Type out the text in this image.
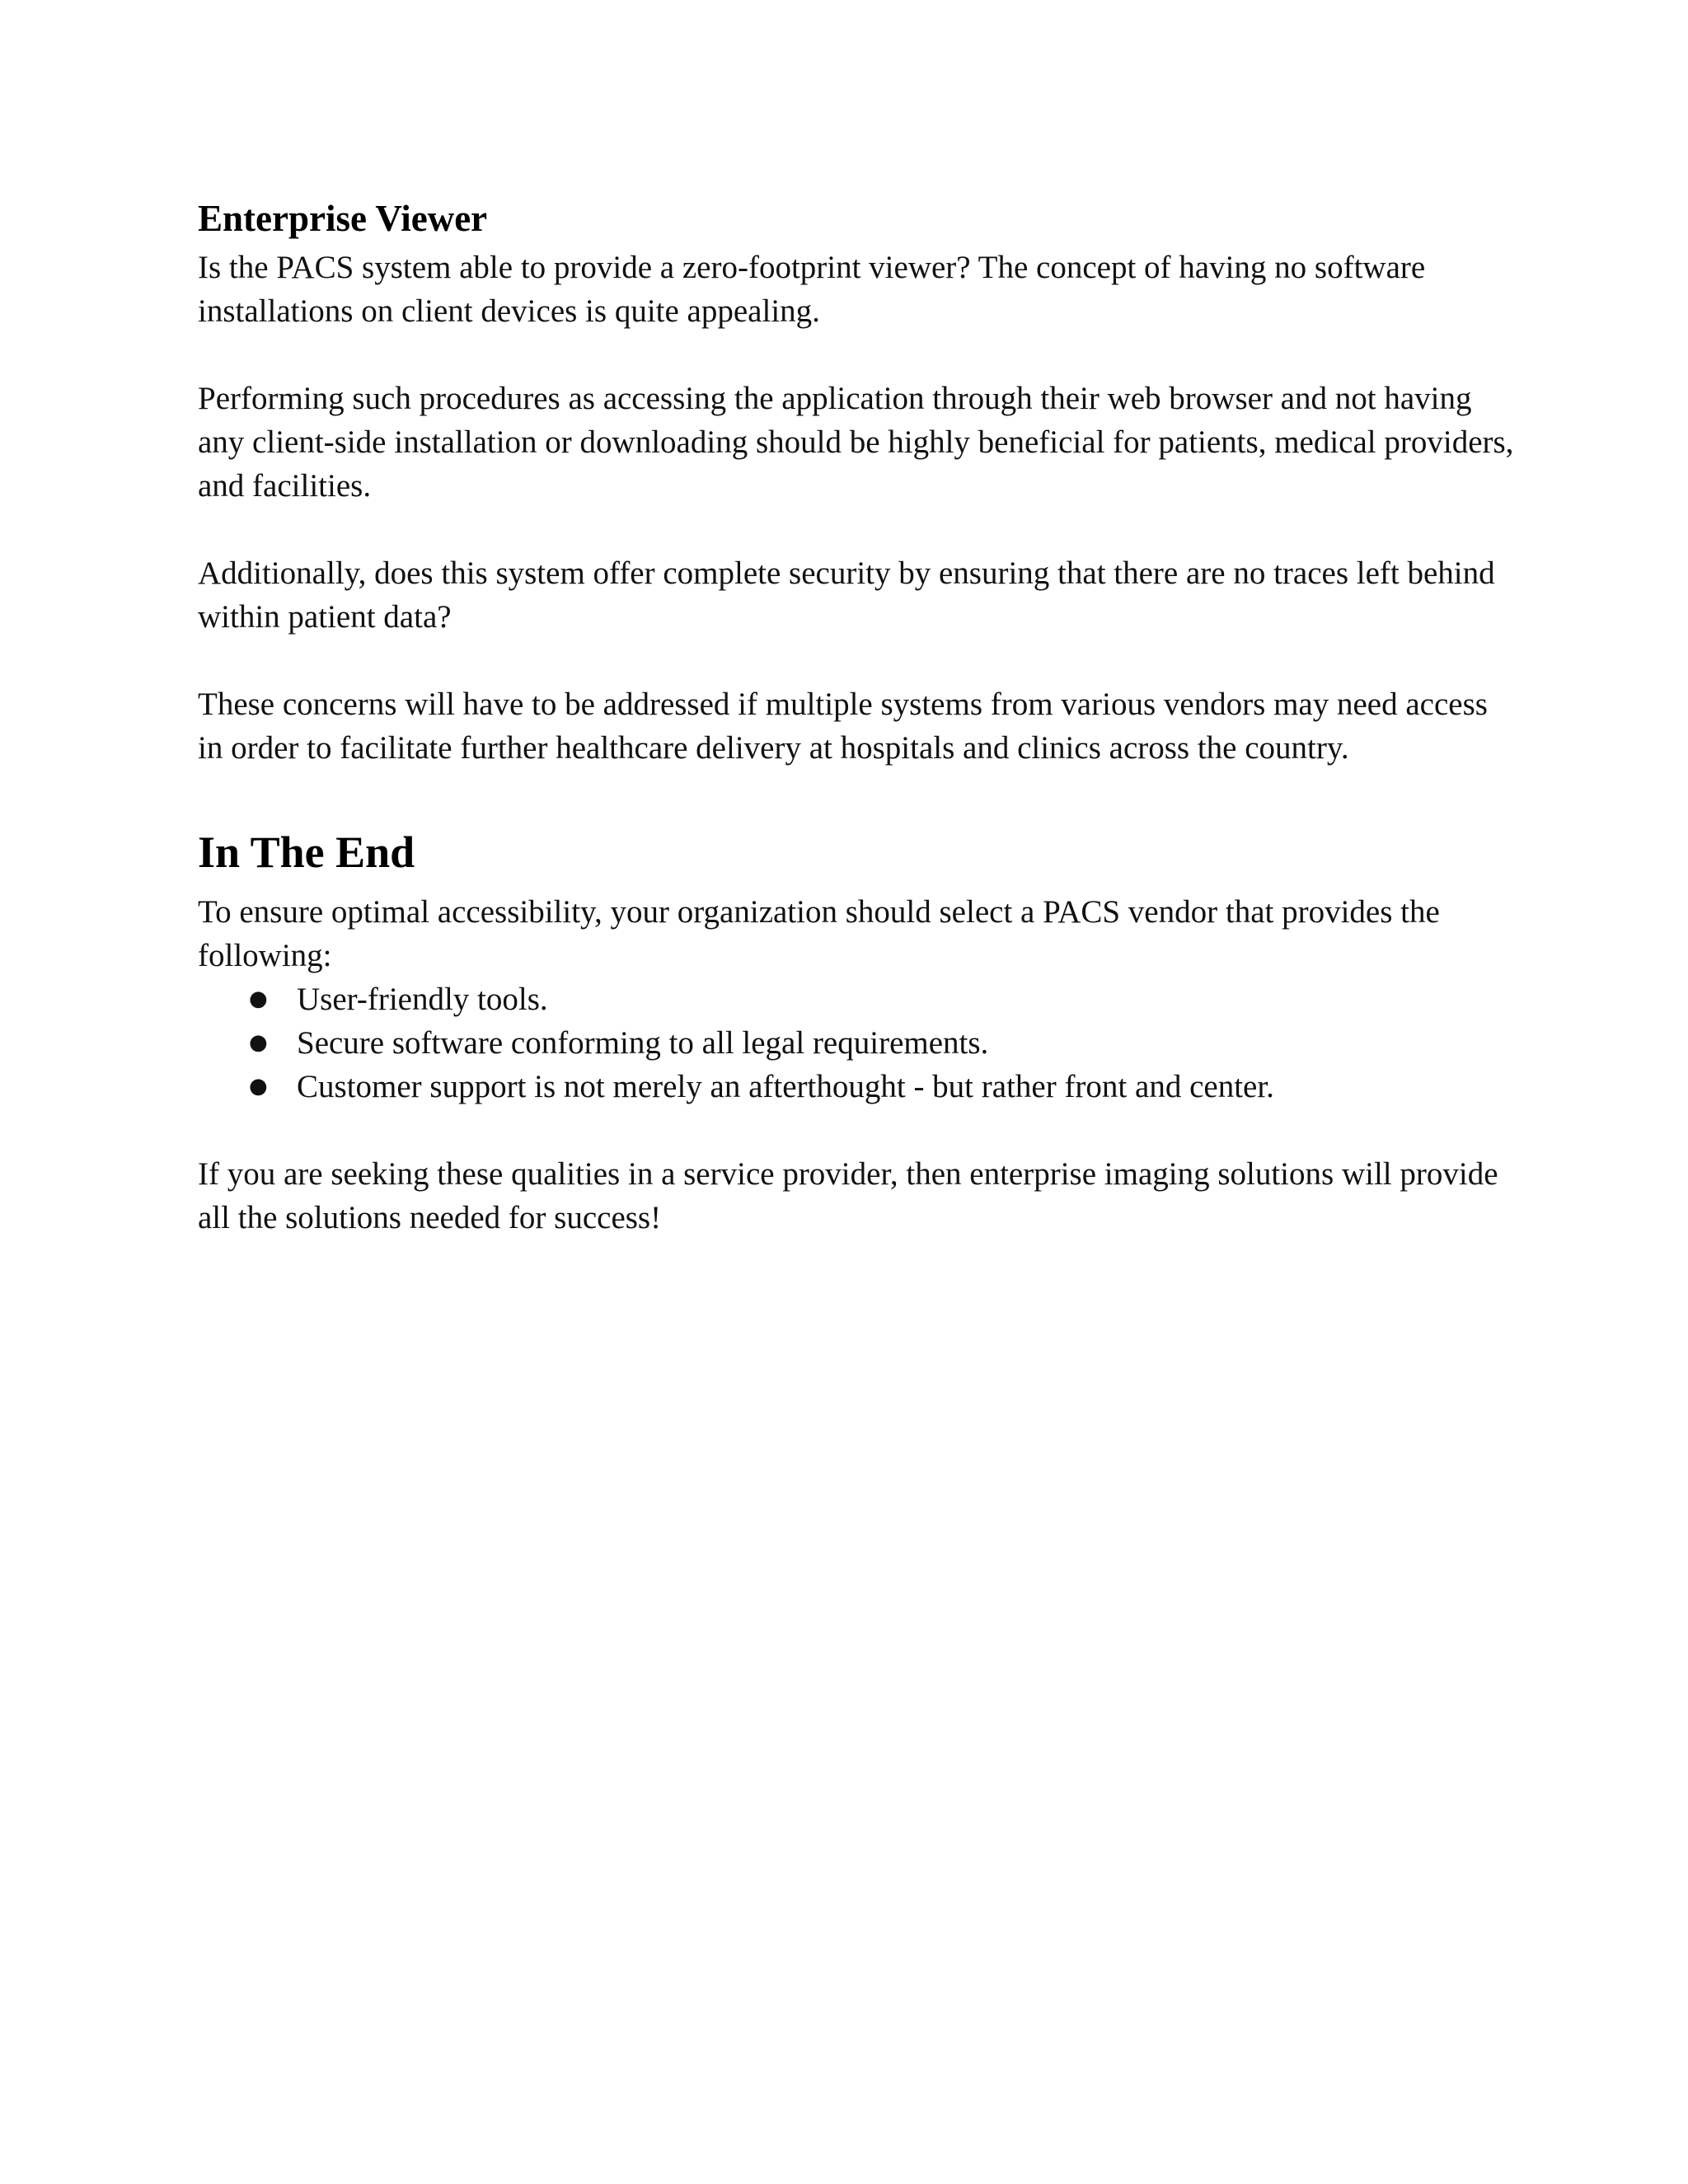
Enterprise Viewer

Is the PACS system able to provide a zero-footprint viewer? The concept of having no software installations on client devices is quite appealing.

Performing such procedures as accessing the application through their web browser and not having any client-side installation or downloading should be highly beneficial for patients, medical providers, and facilities.

Additionally, does this system offer complete security by ensuring that there are no traces left behind within patient data?

These concerns will have to be addressed if multiple systems from various vendors may need access in order to facilitate further healthcare delivery at hospitals and clinics across the country.

In The End

To ensure optimal accessibility, your organization should select a PACS vendor that provides the following:

● User-friendly tools.
● Secure software conforming to all legal requirements.
● Customer support is not merely an afterthought - but rather front and center.

If you are seeking these qualities in a service provider, then enterprise imaging solutions will provide all the solutions needed for success!
